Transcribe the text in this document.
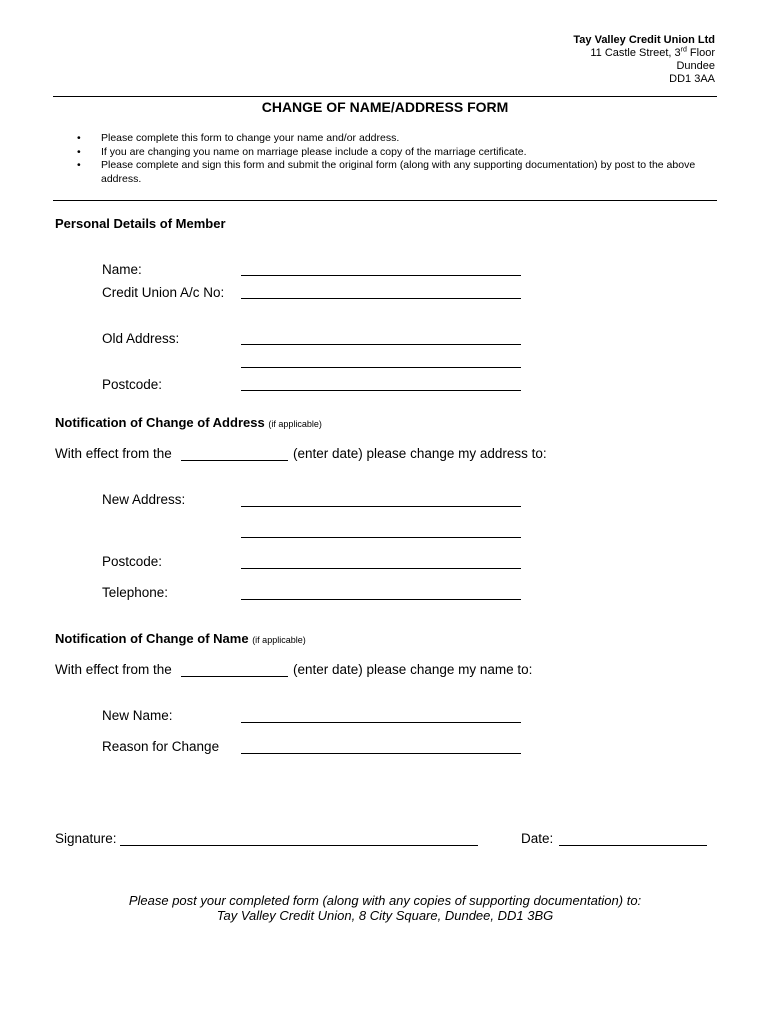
Tay Valley Credit Union Ltd
11 Castle Street, 3rd Floor
Dundee
DD1 3AA
CHANGE OF NAME/ADDRESS FORM
•	Please complete this form to change your name and/or address.
•	If you are changing you name on marriage please include a copy of the marriage certificate.
•	Please complete and sign this form and submit the original form (along with any supporting documentation) by post to the above address.
Personal Details of Member
Name:
Credit Union A/c No:
Old Address:
Postcode:
Notification of Change of Address (if applicable)
With effect from the	(enter date) please change my address to:
New Address:
Postcode:
Telephone:
Notification of Change of Name (if applicable)
With effect from the	(enter date) please change my name to:
New Name:
Reason for Change
Signature:	Date:
Please post your completed form (along with any copies of supporting documentation) to:
Tay Valley Credit Union, 8 City Square, Dundee, DD1 3BG
